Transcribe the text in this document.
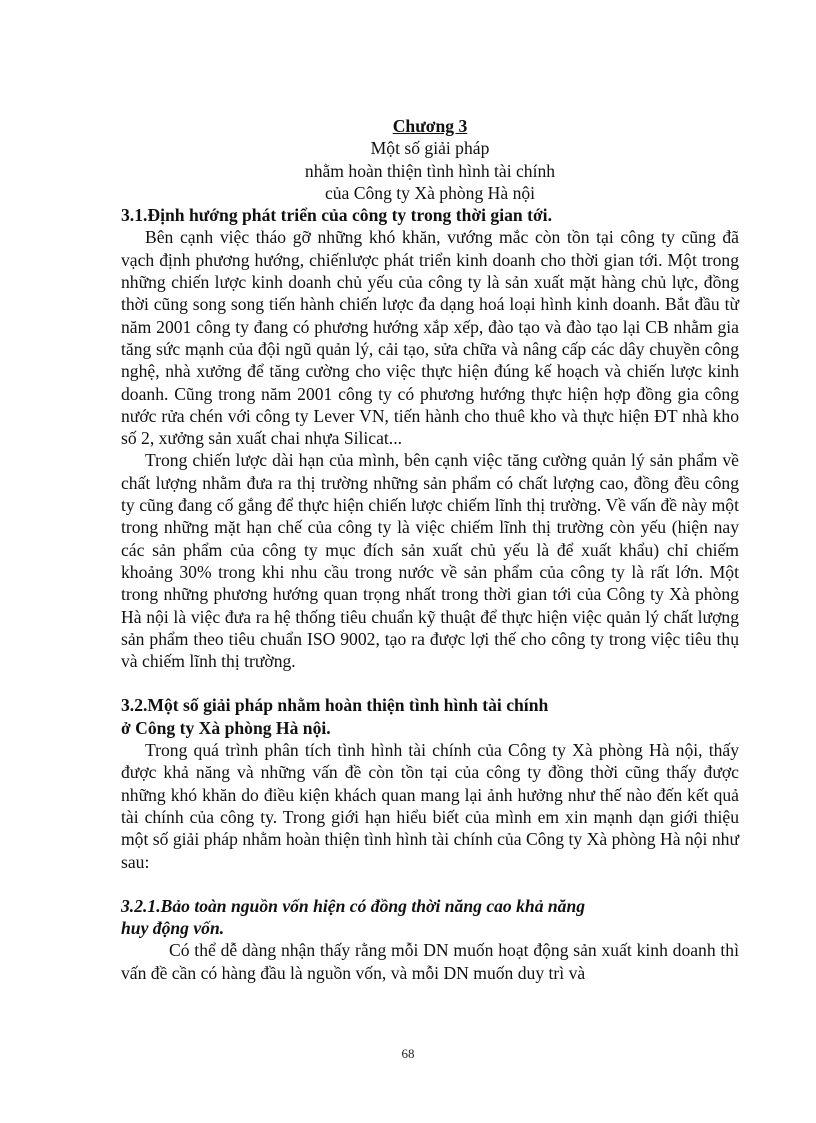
Chương 3
Một số giải pháp
nhằm hoàn thiện tình hình tài chính
của Công ty Xà phòng Hà nội
3.1.Định hướng phát triển của công ty trong thời gian tới.

Bên cạnh việc tháo gỡ những khó khăn, vướng mắc còn tồn tại công ty cũng đã vạch định phương hướng, chiếnlược phát triển kinh doanh cho thời gian tới. Một trong những chiến lược kinh doanh chủ yếu của công ty là sản xuất mặt hàng chủ lực, đồng thời cũng song song tiến hành chiến lược đa dạng hoá loại hình kinh doanh. Bắt đầu từ năm 2001 công ty đang có phương hướng xắp xếp, đào tạo và đào tạo lại CB nhằm gia tăng sức mạnh của đội ngũ quản lý, cải tạo, sửa chữa và nâng cấp các dây chuyền công nghệ, nhà xưởng để tăng cường cho việc thực hiện đúng kế hoạch và chiến lược kinh doanh. Cũng trong năm 2001 công ty có phương hướng thực hiện hợp đồng gia công nước rửa chén với công ty Lever VN, tiến hành cho thuê kho và thực hiện ĐT nhà kho số 2, xưởng sản xuất chai nhựa Silicat...

Trong chiến lược dài hạn của mình, bên cạnh việc tăng cường quản lý sản phẩm về chất lượng nhằm đưa ra thị trường những sản phẩm có chất lượng cao, đồng đều công ty cũng đang cố gắng để thực hiện chiến lược chiếm lĩnh thị trường. Về vấn đề này một trong những mặt hạn chế của công ty là việc chiếm lĩnh thị trường còn yếu (hiện nay các sản phẩm của công ty mục đích sản xuất chủ yếu là để xuất khẩu) chỉ chiếm khoảng 30% trong khi nhu cầu trong nước về sản phẩm của công ty là rất lớn. Một trong những phương hướng quan trọng nhất trong thời gian tới của Công ty Xà phòng Hà nội là việc đưa ra hệ thống tiêu chuẩn kỹ thuật để thực hiện việc quản lý chất lượng sản phẩm theo tiêu chuẩn ISO 9002, tạo ra được lợi thế cho công ty trong việc tiêu thụ và chiếm lĩnh thị trường.

3.2.Một số giải pháp nhằm hoàn thiện tình hình tài chính
ở Công ty Xà phòng Hà nội.

Trong quá trình phân tích tình hình tài chính của Công ty Xà phòng Hà nội, thấy được khả năng và những vấn đề còn tồn tại của công ty đồng thời cũng thấy được những khó khăn do điều kiện khách quan mang lại ảnh hưởng như thế nào đến kết quả tài chính của công ty. Trong giới hạn hiểu biết của mình em xin mạnh dạn giới thiệu một số giải pháp nhằm hoàn thiện tình hình tài chính của Công ty Xà phòng Hà nội như sau:

3.2.1.Bảo toàn nguồn vốn hiện có đồng thời năng cao khả năng
huy động vốn.

Có thể dễ dàng nhận thấy rằng mỗi DN muốn hoạt động sản xuất kinh doanh thì vấn đề cần có hàng đầu là nguồn vốn, và mỗi DN muốn duy trì và

68
